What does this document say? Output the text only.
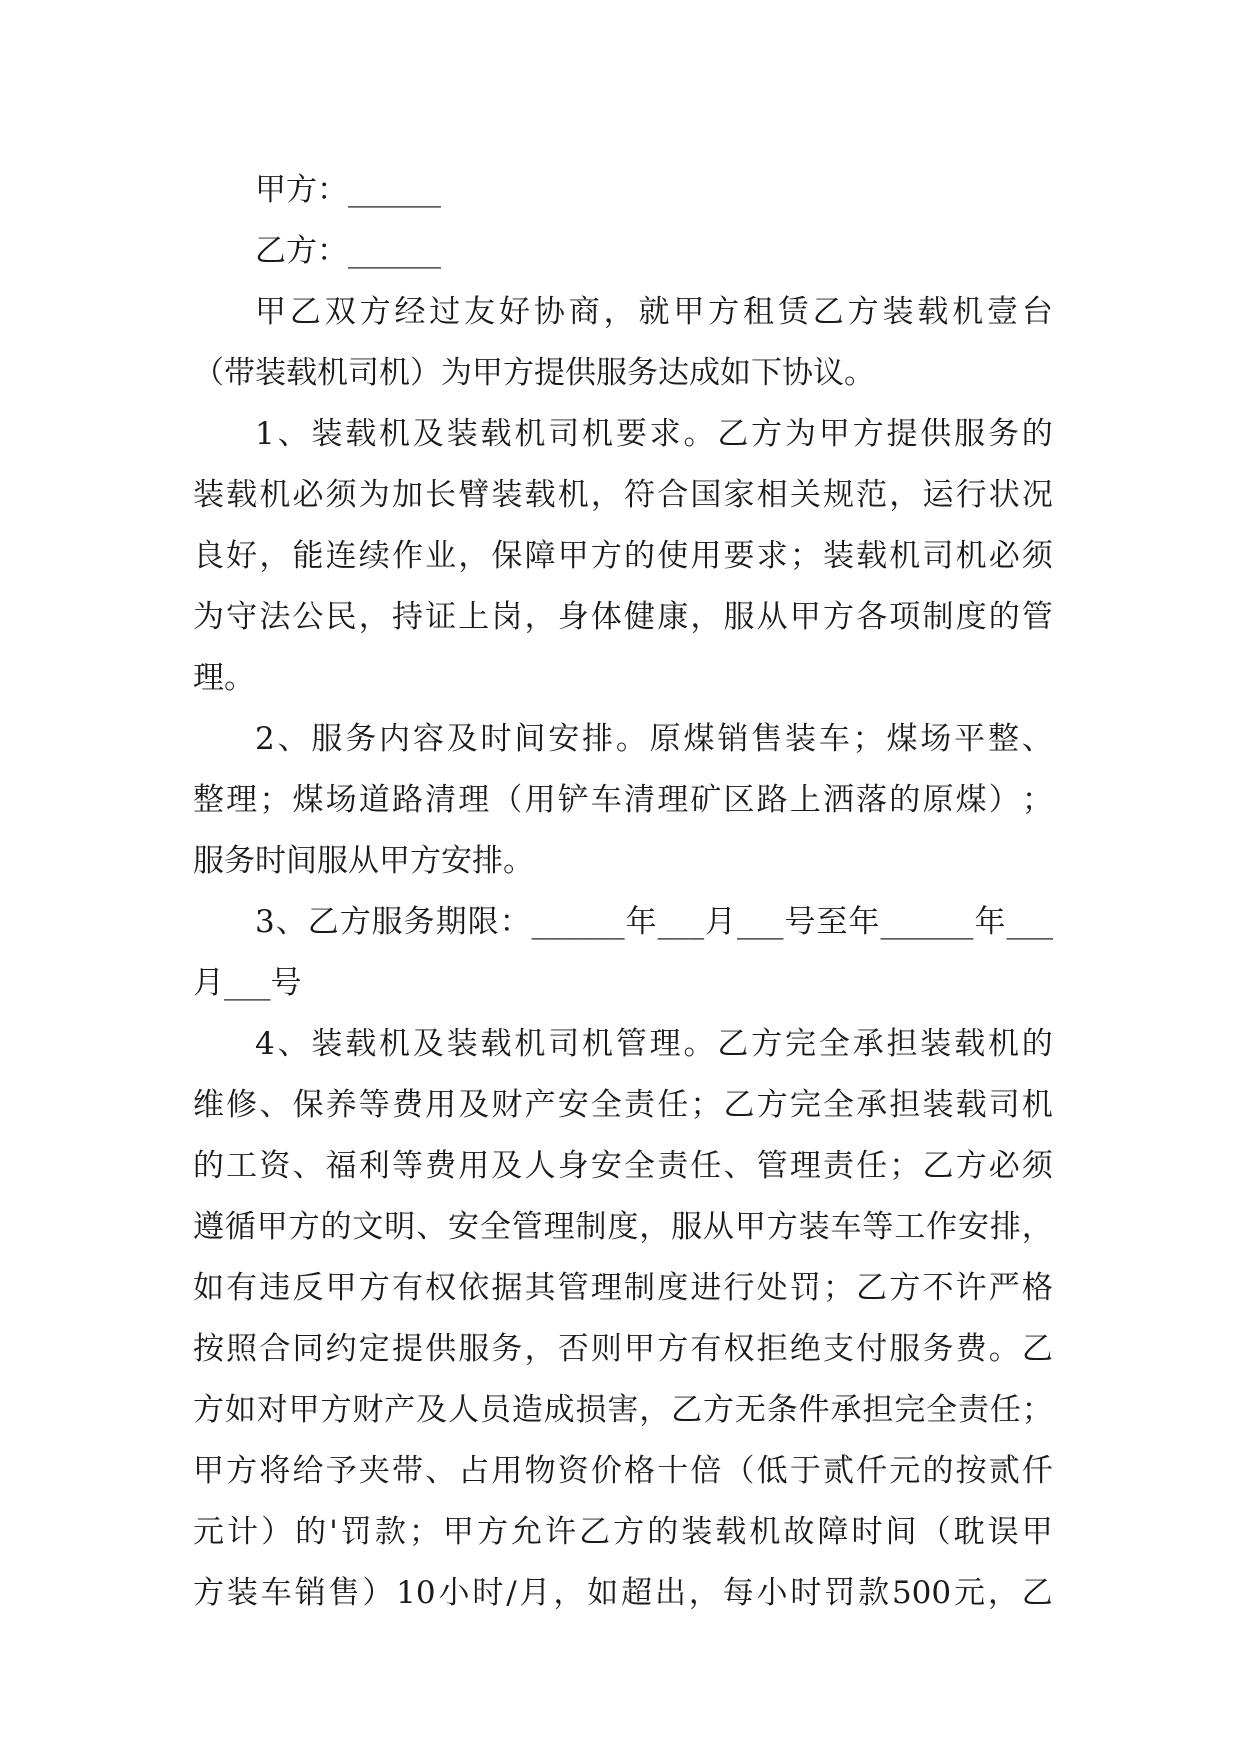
甲方：______
乙方：______
甲 乙 双 方 经 过 友 好 协 商 ， 就 甲 方 租 赁 乙 方 装 载 机 壹 台
（带装载机司机）为甲方提供服务达成如下协议。
1 、 装 载 机 及 装 载 机 司 机 要 求 。 乙 方 为 甲 方 提 供 服 务 的
装 载 机 必 须 为 加 长 臂 装 载 机 ， 符 合 国 家 相 关 规 范 ， 运 行 状 况
良 好 ， 能 连 续 作 业 ， 保 障 甲 方 的 使 用 要 求 ； 装 载 机 司 机 必 须
为 守 法 公 民 ， 持 证 上 岗 ， 身 体 健 康 ， 服 从 甲 方 各 项 制 度 的 管
理。
2 、 服 务 内 容 及 时 间 安 排 。 原 煤 销 售 装 车 ； 煤 场 平 整 、
整 理 ； 煤 场 道 路 清 理 （ 用 铲 车 清 理 矿 区 路 上 洒 落 的 原 煤 ） ；
服务时间服从甲方安排。
3 、 乙 方 服 务 期 限 ： ______ 年 ___ 月 ___ 号 至 年 ______ 年 ___
月___号
4 、 装 载 机 及 装 载 机 司 机 管 理 。 乙 方 完 全 承 担 装 载 机 的
维 修 、 保 养 等 费 用 及 财 产 安 全 责 任 ； 乙 方 完 全 承 担 装 载 司 机
的 工 资 、 福 利 等 费 用 及 人 身 安 全 责 任 、 管 理 责 任 ； 乙 方 必 须
遵 循 甲 方 的 文 明 、 安 全 管 理 制 度 ， 服 从 甲 方 装 车 等 工 作 安 排 ，
如 有 违 反 甲 方 有 权 依 据 其 管 理 制 度 进 行 处 罚 ； 乙 方 不 许 严 格
按 照 合 同 约 定 提 供 服 务 ， 否 则 甲 方 有 权 拒 绝 支 付 服 务 费 。 乙
方 如 对 甲 方 财 产 及 人 员 造 成 损 害 ， 乙 方 无 条 件 承 担 完 全 责 任 ；
甲 方 将 给 予 夹 带 、 占 用 物 资 价 格 十 倍 （ 低 于 贰 仟 元 的 按 贰 仟
元 计 ） 的 ' 罚 款 ； 甲 方 允 许 乙 方 的 装 载 机 故 障 时 间 （ 耽 误 甲
方 装 车 销 售 ） 10 小 时 / 月 ， 如 超 出 ， 每 小 时 罚 款 500 元 ， 乙
